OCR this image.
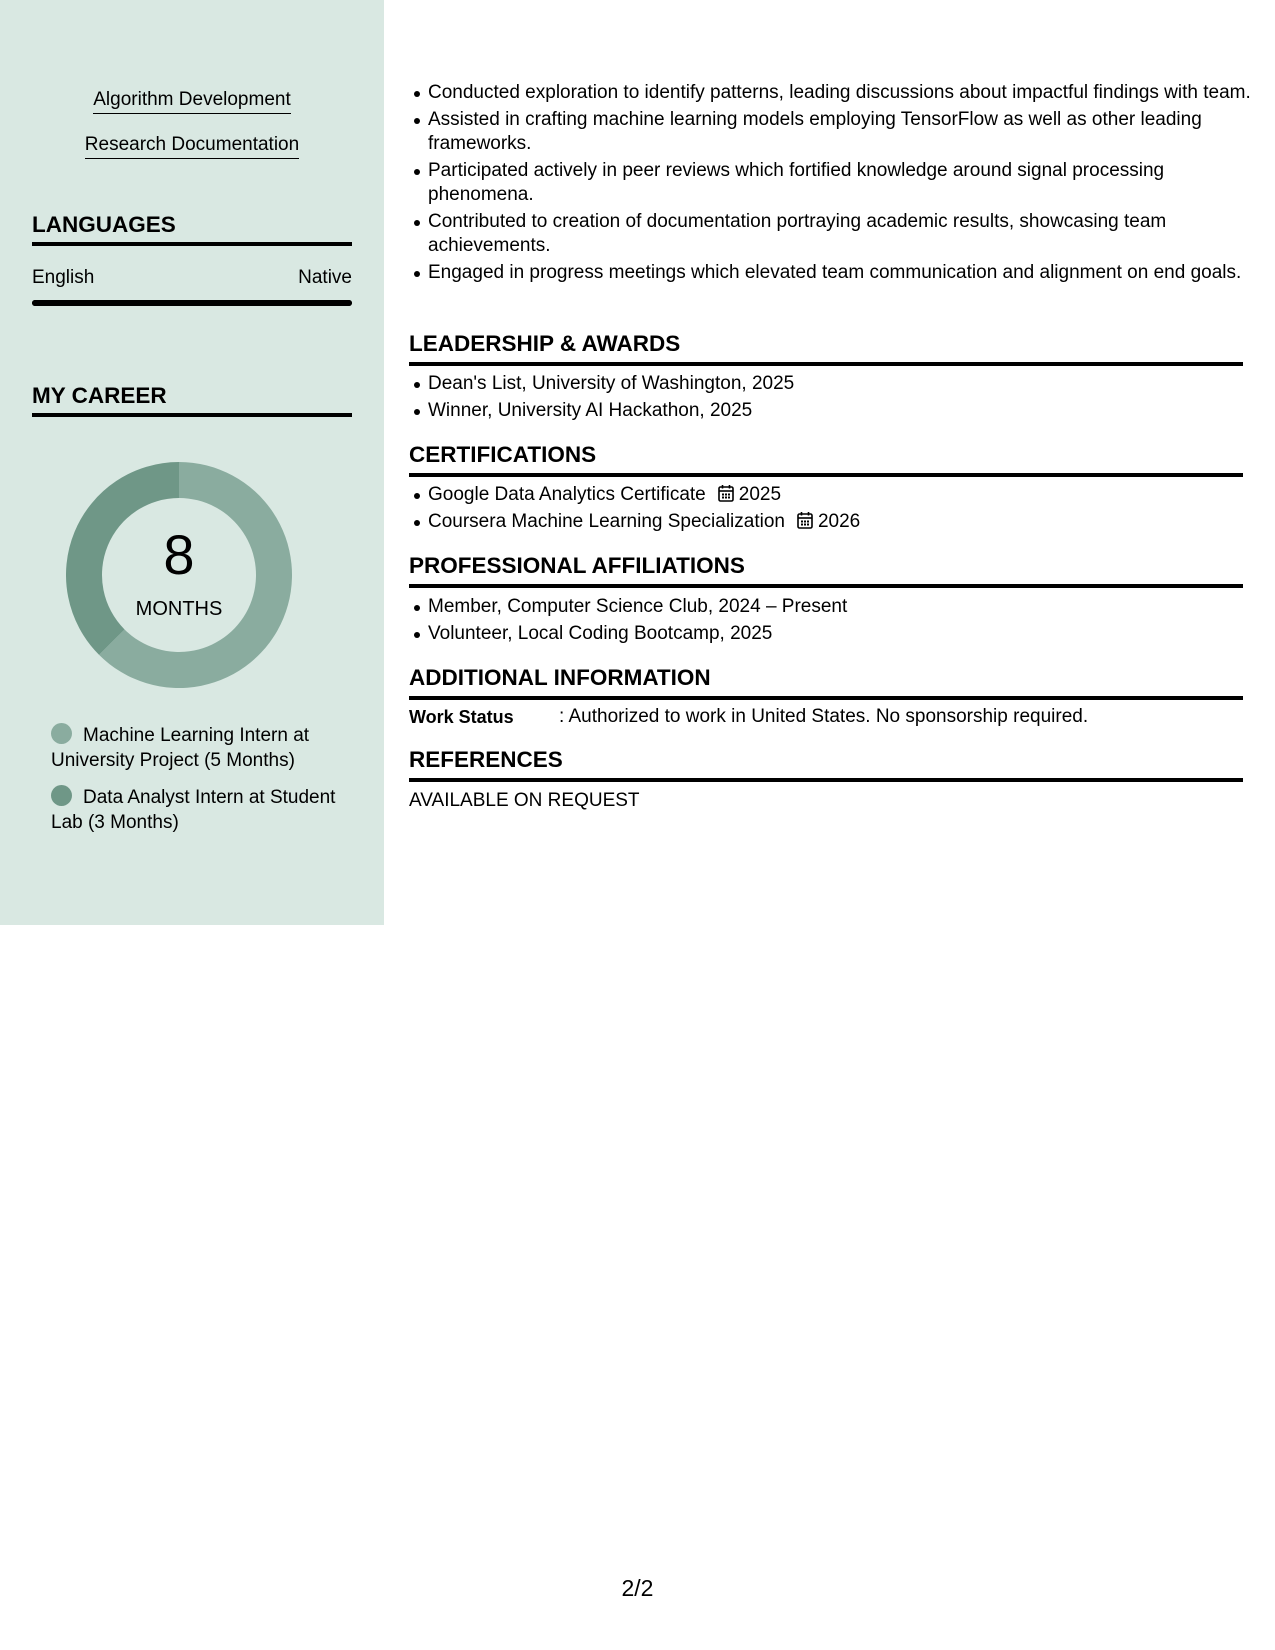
Algorithm Development
Research Documentation
LANGUAGES
English	Native
MY CAREER
8
MONTHS
Machine Learning Intern at University Project (5 Months)
Data Analyst Intern at Student Lab (3 Months)
Conducted exploration to identify patterns, leading discussions about impactful findings with team.
Assisted in crafting machine learning models employing TensorFlow as well as other leading frameworks.
Participated actively in peer reviews which fortified knowledge around signal processing phenomena.
Contributed to creation of documentation portraying academic results, showcasing team achievements.
Engaged in progress meetings which elevated team communication and alignment on end goals.
LEADERSHIP & AWARDS
Dean's List, University of Washington, 2025
Winner, University AI Hackathon, 2025
CERTIFICATIONS
Google Data Analytics Certificate 2025
Coursera Machine Learning Specialization 2026
PROFESSIONAL AFFILIATIONS
Member, Computer Science Club, 2024 – Present
Volunteer, Local Coding Bootcamp, 2025
ADDITIONAL INFORMATION
Work Status : Authorized to work in United States. No sponsorship required.
REFERENCES
AVAILABLE ON REQUEST
2/2
